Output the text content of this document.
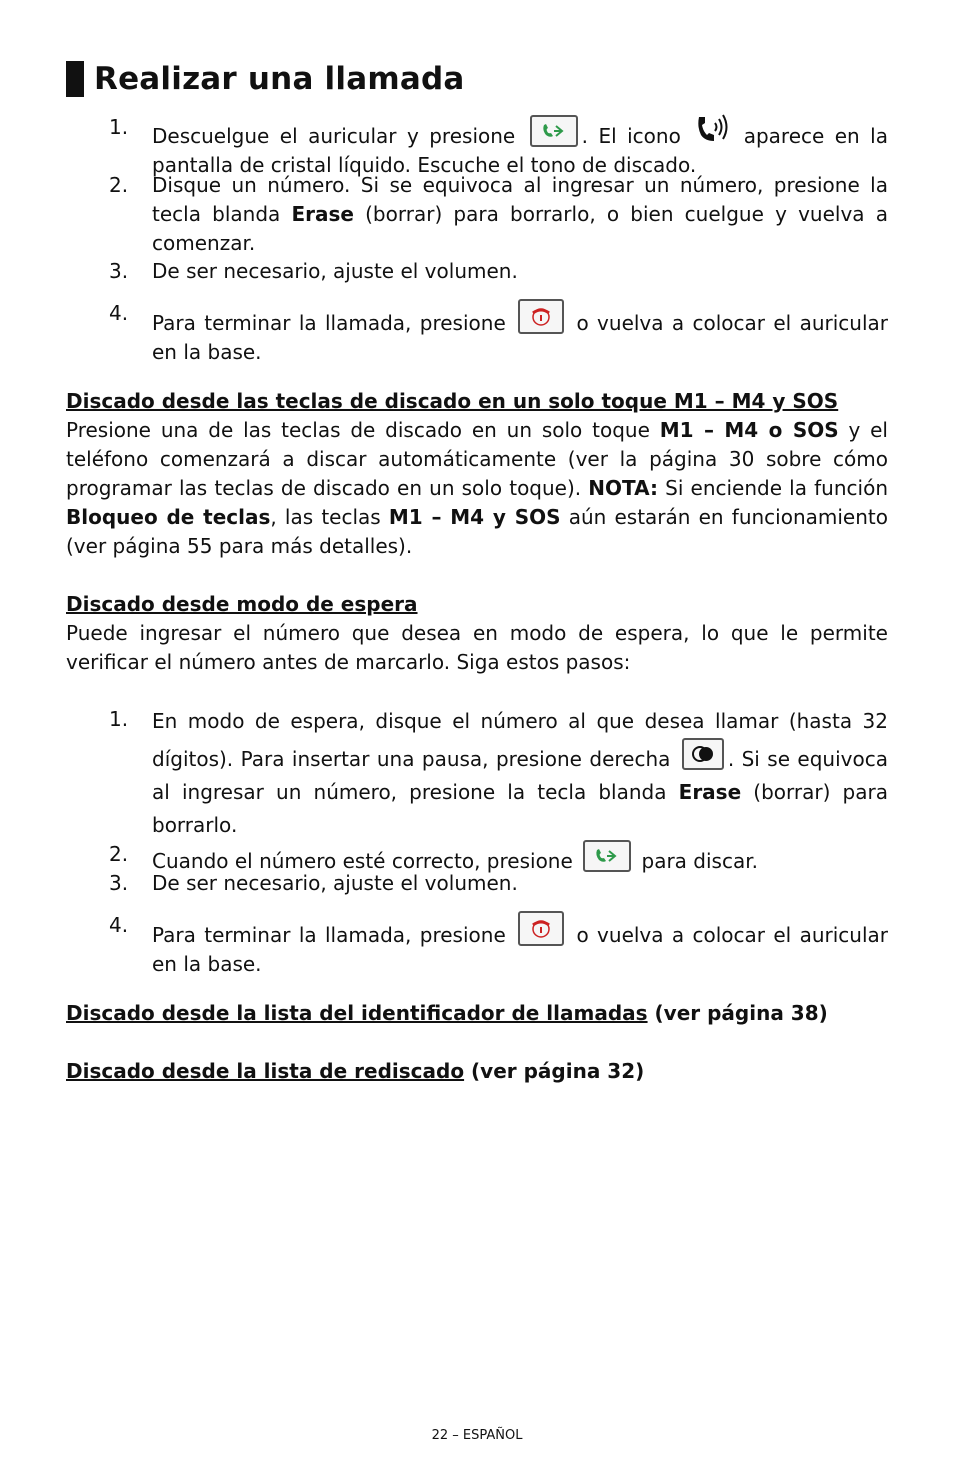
Realizar una llamada
1.	Descuelgue el auricular y presione	. El icono
aparece en la pantalla de cristal líquido. Escuche el tono de discado.
2.	Disque un número. Si se equivoca al ingresar un número, presione la tecla blanda Erase (borrar) para borrarlo, o bien cuelgue y vuelva a comenzar.
3.	De ser necesario, ajuste el volumen.
4.	Para terminar la llamada, presione	o vuelva a colocar el auricular en la base.
Discado desde las teclas de discado en un solo toque M1 – M4 y SOS
Presione una de las teclas de discado en un solo toque M1 – M4 o SOS y el teléfono comenzará a discar automáticamente (ver la página 30 sobre cómo programar las teclas de discado en un solo toque). NOTA: Si enciende la función Bloqueo de teclas, las teclas M1 – M4 y SOS aún estarán en funcionamiento (ver página 55 para más detalles).
Discado desde modo de espera
Puede ingresar el número que desea en modo de espera, lo que le permite verificar el número antes de marcarlo. Siga estos pasos:
1.	En modo de espera, disque el número al que desea llamar (hasta 32 dígitos). Para insertar una pausa, presione derecha	. Si se equivoca al ingresar un número, presione la tecla blanda Erase (borrar) para borrarlo.
2.	Cuando el número esté correcto, presione	para discar.
3.	De ser necesario, ajuste el volumen.
4.	Para terminar la llamada, presione	o vuelva a colocar el auricular en la base.
Discado desde la lista del identificador de llamadas (ver página 38)
Discado desde la lista de rediscado (ver página 32)
22 – ESPAÑOL
